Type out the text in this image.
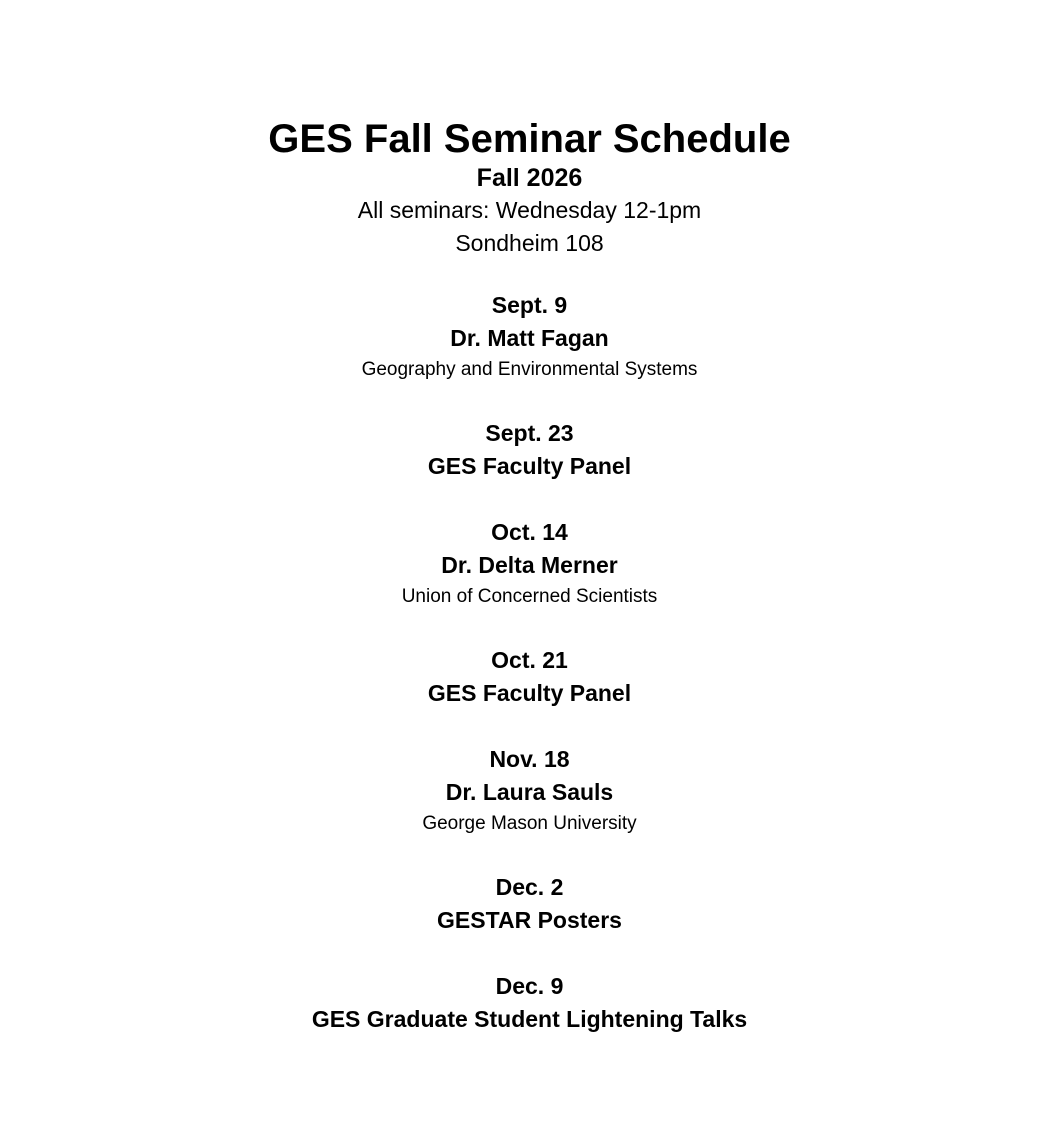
GES Fall Seminar Schedule

Fall 2026

All seminars: Wednesday 12-1pm

Sondheim 108

Sept. 9

Dr. Matt Fagan

Geography and Environmental Systems

Sept. 23

GES Faculty Panel

Oct. 14

Dr. Delta Merner

Union of Concerned Scientists

Oct. 21

GES Faculty Panel

Nov. 18

Dr. Laura Sauls

George Mason University

Dec. 2

GESTAR Posters

Dec. 9

GES Graduate Student Lightening Talks
